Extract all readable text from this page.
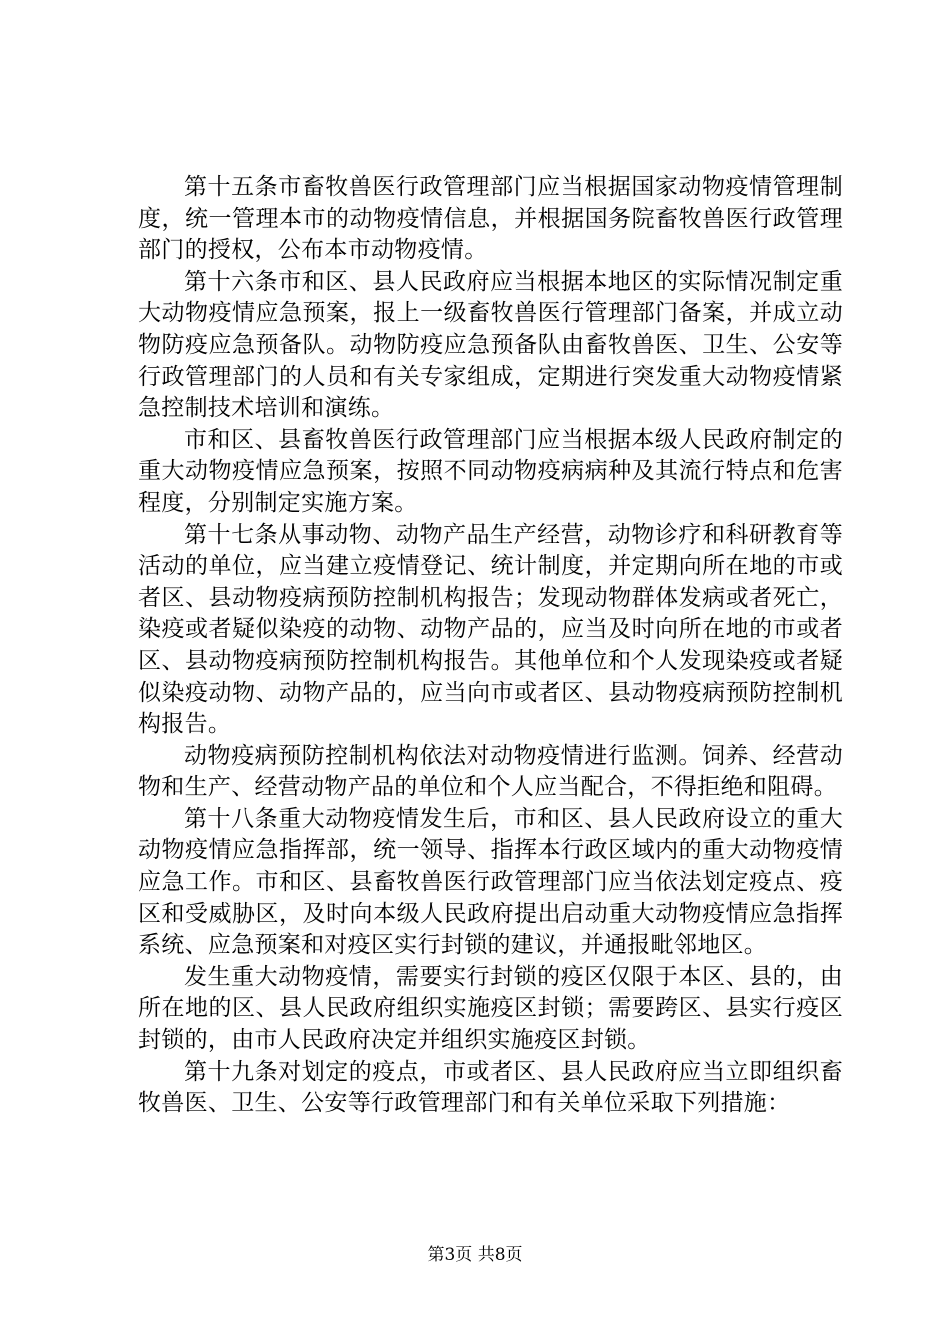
第十五条市畜牧兽医行政管理部门应当根据国家动物疫情管理制度，统一管理本市的动物疫情信息，并根据国务院畜牧兽医行政管理部门的授权，公布本市动物疫情。

第十六条市和区、县人民政府应当根据本地区的实际情况制定重大动物疫情应急预案，报上一级畜牧兽医行管理部门备案，并成立动物防疫应急预备队。动物防疫应急预备队由畜牧兽医、卫生、公安等行政管理部门的人员和有关专家组成，定期进行突发重大动物疫情紧急控制技术培训和演练。

市和区、县畜牧兽医行政管理部门应当根据本级人民政府制定的重大动物疫情应急预案，按照不同动物疫病病种及其流行特点和危害程度，分别制定实施方案。

第十七条从事动物、动物产品生产经营，动物诊疗和科研教育等活动的单位，应当建立疫情登记、统计制度，并定期向所在地的市或者区、县动物疫病预防控制机构报告；发现动物群体发病或者死亡，染疫或者疑似染疫的动物、动物产品的，应当及时向所在地的市或者区、县动物疫病预防控制机构报告。其他单位和个人发现染疫或者疑似染疫动物、动物产品的，应当向市或者区、县动物疫病预防控制机构报告。

动物疫病预防控制机构依法对动物疫情进行监测。饲养、经营动物和生产、经营动物产品的单位和个人应当配合，不得拒绝和阻碍。

第十八条重大动物疫情发生后，市和区、县人民政府设立的重大动物疫情应急指挥部，统一领导、指挥本行政区域内的重大动物疫情应急工作。市和区、县畜牧兽医行政管理部门应当依法划定疫点、疫区和受威胁区，及时向本级人民政府提出启动重大动物疫情应急指挥系统、应急预案和对疫区实行封锁的建议，并通报毗邻地区。

发生重大动物疫情，需要实行封锁的疫区仅限于本区、县的，由所在地的区、县人民政府组织实施疫区封锁；需要跨区、县实行疫区封锁的，由市人民政府决定并组织实施疫区封锁。

第十九条对划定的疫点，市或者区、县人民政府应当立即组织畜牧兽医、卫生、公安等行政管理部门和有关单位采取下列措施：

第3页 共8页
